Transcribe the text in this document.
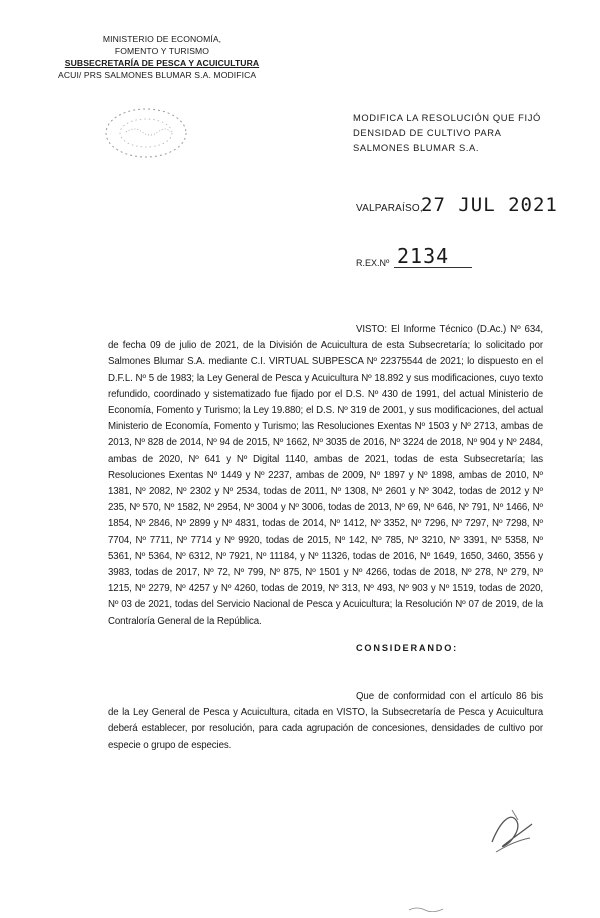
MINISTERIO DE ECONOMÍA,
FOMENTO Y TURISMO
SUBSECRETARÍA DE PESCA Y ACUICULTURA
ACUI/ PRS SALMONES BLUMAR S.A. MODIFICA
MODIFICA LA RESOLUCIÓN QUE FIJÓ DENSIDAD DE CULTIVO PARA SALMONES BLUMAR S.A.
VALPARAÍSO,
27 JUL 2021
R.EX.Nº 2134
VISTO: El Informe Técnico (D.Ac.) Nº 634, de fecha 09 de julio de 2021, de la División de Acuicultura de esta Subsecretaría; lo solicitado por Salmones Blumar S.A. mediante C.I. VIRTUAL SUBPESCA Nº 22375544 de 2021; lo dispuesto en el D.F.L. Nº 5 de 1983; la Ley General de Pesca y Acuicultura Nº 18.892 y sus modificaciones, cuyo texto refundido, coordinado y sistematizado fue fijado por el D.S. Nº 430 de 1991, del actual Ministerio de Economía, Fomento y Turismo; la Ley 19.880; el D.S. Nº 319 de 2001, y sus modificaciones, del actual Ministerio de Economía, Fomento y Turismo; las Resoluciones Exentas Nº 1503 y Nº 2713, ambas de 2013, Nº 828 de 2014, Nº 94 de 2015, Nº 1662, Nº 3035 de 2016, Nº 3224 de 2018, Nº 904 y Nº 2484, ambas de 2020, Nº 641 y Nº Digital 1140, ambas de 2021, todas de esta Subsecretaría; las Resoluciones Exentas Nº 1449 y Nº 2237, ambas de 2009, Nº 1897 y Nº 1898, ambas de 2010, Nº 1381, Nº 2082, Nº 2302 y Nº 2534, todas de 2011, Nº 1308, Nº 2601 y Nº 3042, todas de 2012 y Nº 235, Nº 570, Nº 1582, Nº 2954, Nº 3004 y Nº 3006, todas de 2013, Nº 69, Nº 646, Nº 791, Nº 1466, Nº 1854, Nº 2846, Nº 2899 y Nº 4831, todas de 2014, Nº 1412, Nº 3352, Nº 7296, Nº 7297, Nº 7298, Nº 7704, Nº 7711, Nº 7714 y Nº 9920, todas de 2015, Nº 142, Nº 785, Nº 3210, Nº 3391, Nº 5358, Nº 5361, Nº 5364, Nº 6312, Nº 7921, Nº 11184, y Nº 11326, todas de 2016, Nº 1649, 1650, 3460, 3556 y 3983, todas de 2017, Nº 72, Nº 799, Nº 875, Nº 1501 y Nº 4266, todas de 2018, Nº 278, Nº 279, Nº 1215, Nº 2279, Nº 4257 y Nº 4260, todas de 2019, Nº 313, Nº 493, Nº 903 y Nº 1519, todas de 2020, Nº 03 de 2021, todas del Servicio Nacional de Pesca y Acuicultura; la Resolución Nº 07 de 2019, de la Contraloría General de la República.
CONSIDERANDO:
Que de conformidad con el artículo 86 bis de la Ley General de Pesca y Acuicultura, citada en VISTO, la Subsecretaría de Pesca y Acuicultura deberá establecer, por resolución, para cada agrupación de concesiones, densidades de cultivo por especie o grupo de especies.
